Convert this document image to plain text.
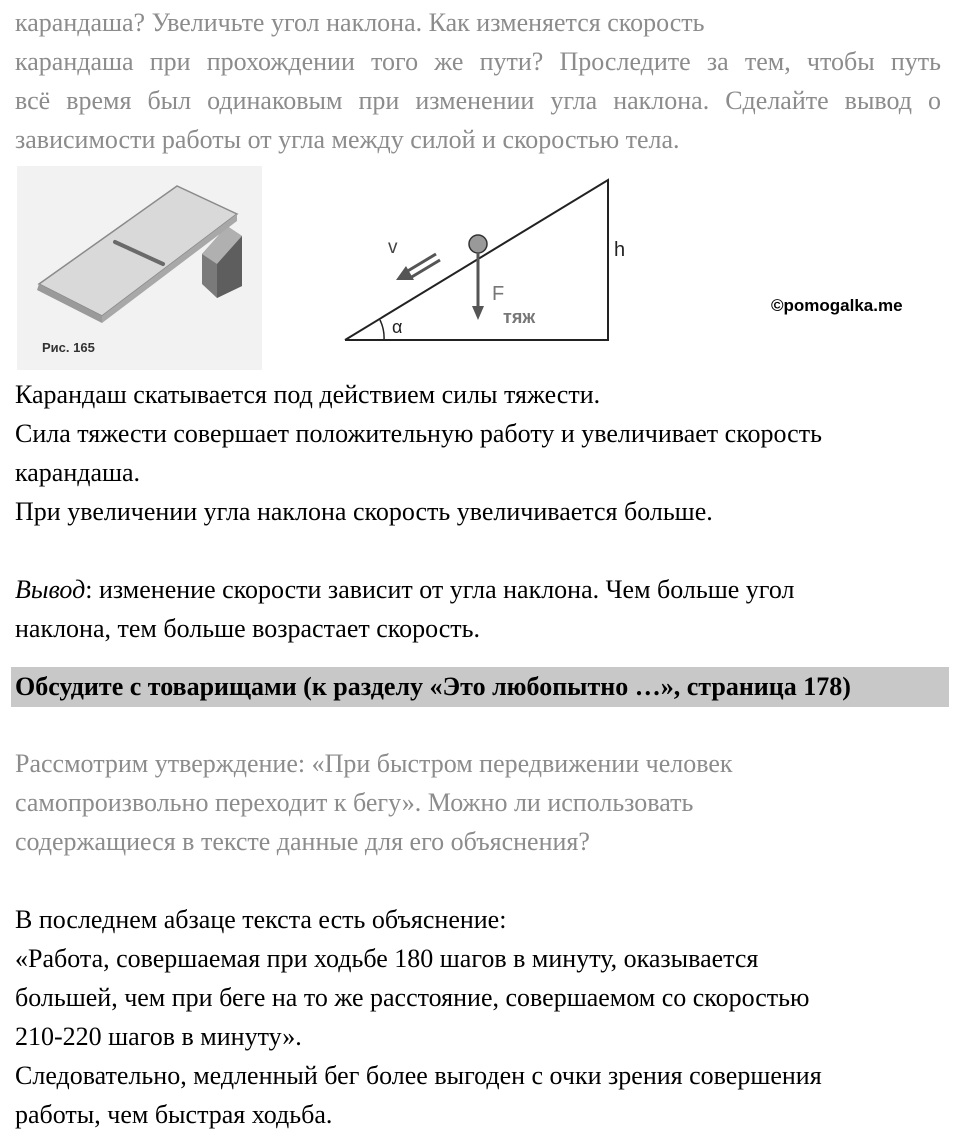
карандаша? Увеличьте угол наклона. Как изменяется скорость
карандаша при прохождении того же пути? Проследите за тем, чтобы путь
всё время был одинаковым при изменении угла наклона. Сделайте вывод о
зависимости работы от угла между силой и скоростью тела.
Рис. 165
α
F
тяж
v	h
©pomogalka.me
Карандаш скатывается под действием силы тяжести.
Сила тяжести совершает положительную работу и увеличивает скорость
карандаша.
При увеличении угла наклона скорость увеличивается больше.
Вывод: изменение скорости зависит от угла наклона. Чем больше угол
наклона, тем больше возрастает скорость.
Обсудите с товарищами (к разделу «Это любопытно …», страница 178)
Рассмотрим утверждение: «При быстром передвижении человек
самопроизвольно переходит к бегу». Можно ли использовать
содержащиеся в тексте данные для его объяснения?
В последнем абзаце текста есть объяснение:
«Работа, совершаемая при ходьбе 180 шагов в минуту, оказывается
большей, чем при беге на то же расстояние, совершаемом со скоростью
210-220 шагов в минуту».
Следовательно, медленный бег более выгоден с очки зрения совершения
работы, чем быстрая ходьба.
